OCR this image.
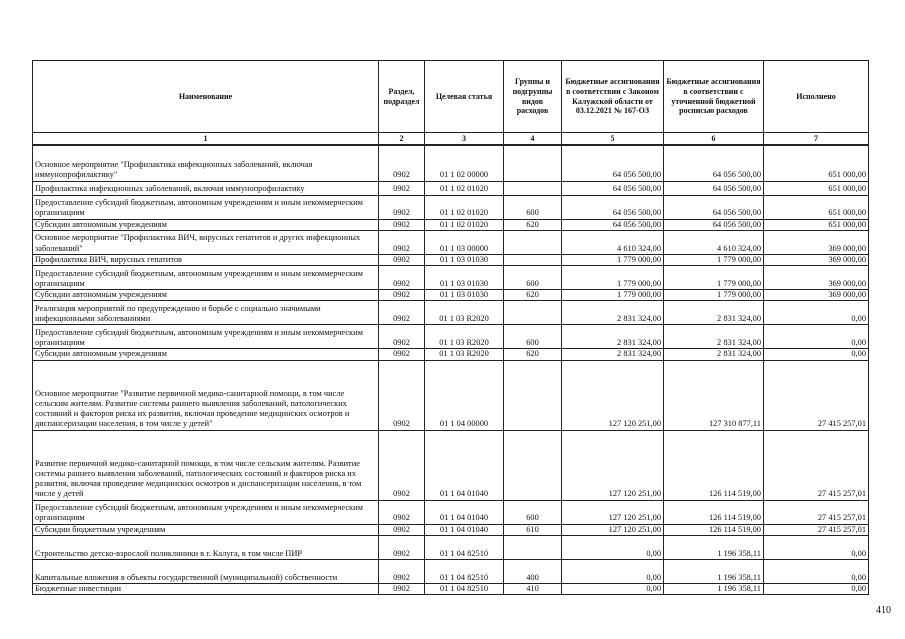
Наименование	Раздел, подраздел	Целевая статья	Группы и подгруппы видов расходов	Бюджетные ассигнования в соответствии с Законом Калужской области от 03.12.2021 № 167-ОЗ	Бюджетные ассигнования в соответствии с уточненной бюджетной росписью расходов	Исполнено
1	2	3	4	5	6	7
Основное мероприятие "Профилактика инфекционных заболеваний, включая иммунопрофилактику"	0902	01 1 02 00000		64 056 500,00	64 056 500,00	651 000,00
Профилактика инфекционных заболеваний, включая иммунопрофилактику	0902	01 1 02 01020		64 056 500,00	64 056 500,00	651 000,00
Предоставление субсидий бюджетным, автономным учреждениям и иным некоммерческим организациям	0902	01 1 02 01020	600	64 056 500,00	64 056 500,00	651 000,00
Субсидии автономным учреждениям	0902	01 1 02 01020	620	64 056 500,00	64 056 500,00	651 000,00
Основное мероприятие "Профилактика ВИЧ, вирусных гепатитов и других инфекционных заболеваний"	0902	01 1 03 00000		4 610 324,00	4 610 324,00	369 000,00
Профилактика ВИЧ, вирусных гепатитов	0902	01 1 03 01030		1 779 000,00	1 779 000,00	369 000,00
Предоставление субсидий бюджетным, автономным учреждениям и иным некоммерческим организациям	0902	01 1 03 01030	600	1 779 000,00	1 779 000,00	369 000,00
Субсидии автономным учреждениям	0902	01 1 03 01030	620	1 779 000,00	1 779 000,00	369 000,00
Реализация мероприятий по предупреждению и борьбе с социально значимыми инфекционными заболеваниями	0902	01 1 03 R2020		2 831 324,00	2 831 324,00	0,00
Предоставление субсидий бюджетным, автономным учреждениям и иным некоммерческим организациям	0902	01 1 03 R2020	600	2 831 324,00	2 831 324,00	0,00
Субсидии автономным учреждениям	0902	01 1 03 R2020	620	2 831 324,00	2 831 324,00	0,00
Основное мероприятие "Развитие первичной медико-санитарной помощи, в том числе сельским жителям. Развитие системы раннего выявления заболеваний, патологических состояний и факторов риска их развития, включая проведение медицинских осмотров и диспансеризации населения, в том числе у детей"	0902	01 1 04 00000		127 120 251,00	127 310 877,11	27 415 257,01
Развитие первичной медико-санитарной помощи, в том числе сельским жителям. Развитие системы раннего выявления заболеваний, патологических состояний и факторов риска их развития, включая проведение медицинских осмотров и диспансеризации населения, в том числе у детей	0902	01 1 04 01040		127 120 251,00	126 114 519,00	27 415 257,01
Предоставление субсидий бюджетным, автономным учреждениям и иным некоммерческим организациям	0902	01 1 04 01040	600	127 120 251,00	126 114 519,00	27 415 257,01
Субсидии бюджетным учреждениям	0902	01 1 04 01040	610	127 120 251,00	126 114 519,00	27 415 257,01
Строительство детско-взрослой поликлиники в г. Калуга, в том числе ПИР	0902	01 1 04 82510		0,00	1 196 358,11	0,00
Капитальные вложения в объекты государственной (муниципальной) собственности	0902	01 1 04 82510	400	0,00	1 196 358,11	0,00
Бюджетные инвестиции	0902	01 1 04 82510	410	0,00	1 196 358,11	0,00
410
